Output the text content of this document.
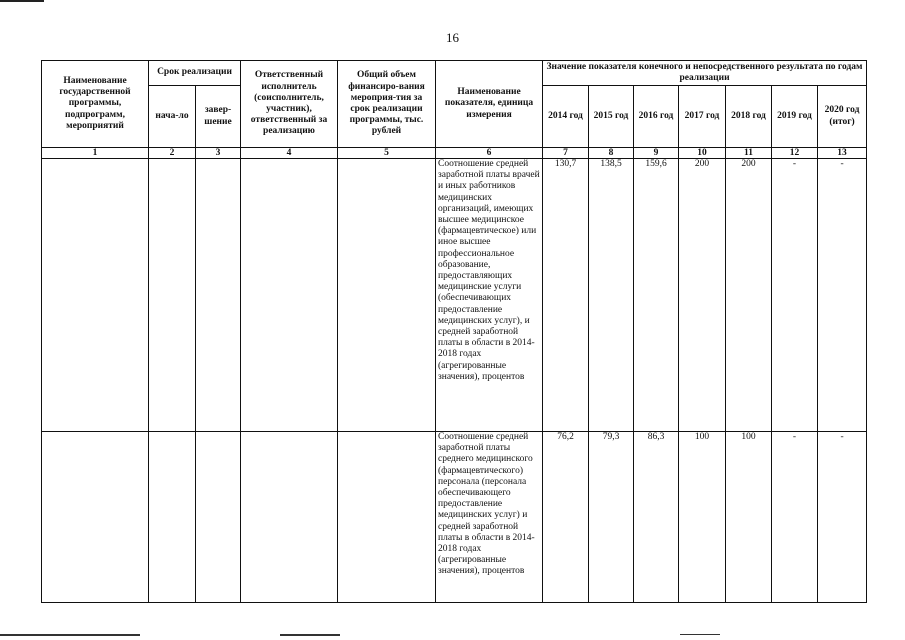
16
Наименование государственной программы, подпрограмм, мероприятий	Срок реализации		Ответственный исполнитель (соисполнитель, участник), ответственный за реализацию	Общий объем финансиро-вания мероприя-тия за срок реализации программы, тыс. рублей	Наименование показателя, единица измерения	Значение показателя конечного и непосредственного результата по годам реализации						
	нача-ло	завер-шение				2014 год	2015 год	2016 год	2017 год	2018 год	2019 год	2020 год (итог)
1	2	3	4	5	6	7	8	9	10	11	12	13
					Соотношение средней заработной платы врачей и иных работников медицинских организаций, имеющих высшее медицинское (фармацевтическое) или иное высшее профессиональное образование, предоставляющих медицинские услуги (обеспечивающих предоставление медицинских услуг), и средней заработной платы в области в 2014-2018 годах (агрегированные значения), процентов	130,7	138,5	159,6	200	200	-	-
					Соотношение средней заработной платы среднего медицинского (фармацевтического) персонала (персонала обеспечивающего предоставление медицинских услуг) и средней заработной платы в области в 2014-2018 годах (агрегированные значения), процентов	76,2	79,3	86,3	100	100	-	-
